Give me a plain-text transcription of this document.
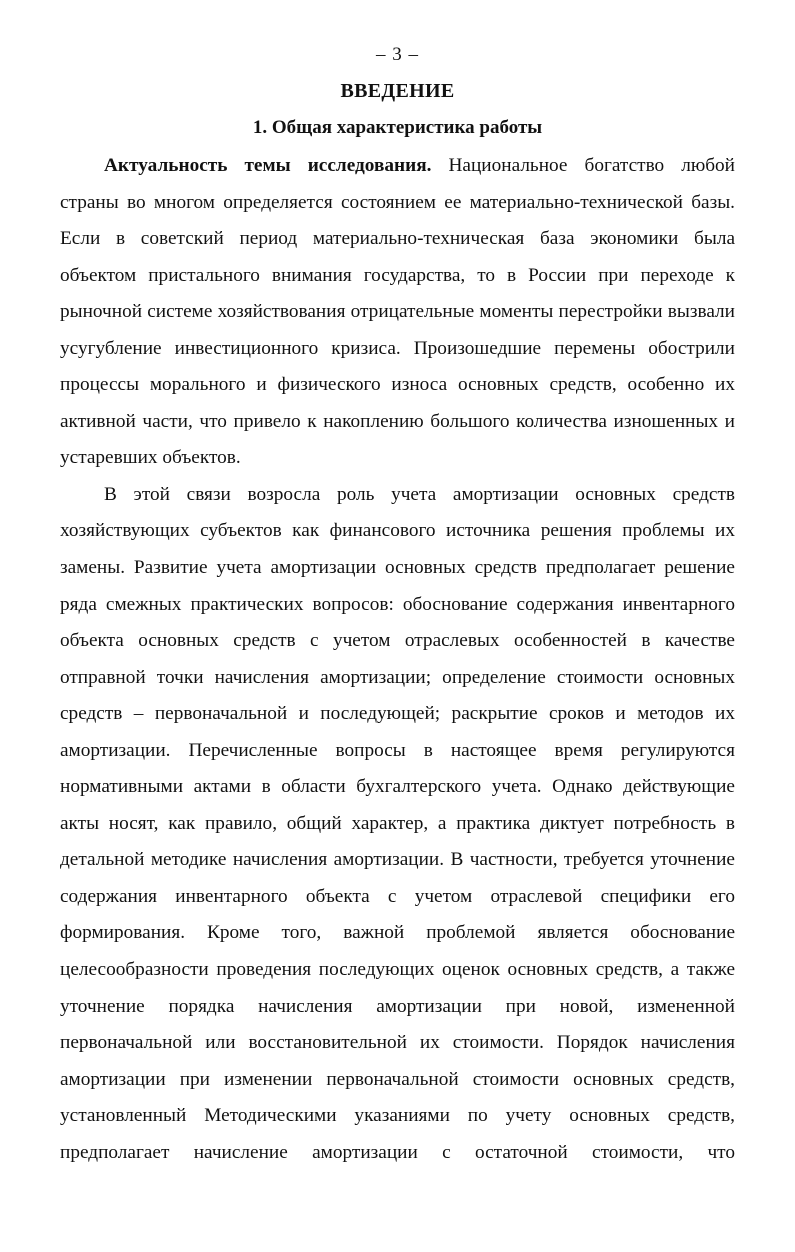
– 3 –
ВВЕДЕНИЕ
1. Общая характеристика работы

Актуальность темы исследования. Национальное богатство любой страны во многом определяется состоянием ее материально-технической базы. Если в советский период материально-техническая база экономики была объектом пристального внимания государства, то в России при переходе к рыночной системе хозяйствования отрицательные моменты перестройки вызвали усугубление инвестиционного кризиса. Произошедшие перемены обострили процессы морального и физического износа основных средств, особенно их активной части, что привело к накоплению большого количества изношенных и устаревших объектов.

В этой связи возросла роль учета амортизации основных средств хозяйствующих субъектов как финансового источника решения проблемы их замены. Развитие учета амортизации основных средств предполагает решение ряда смежных практических вопросов: обоснование содержания инвентарного объекта основных средств с учетом отраслевых особенностей в качестве отправной точки начисления амортизации; определение стоимости основных средств – первоначальной и последующей; раскрытие сроков и методов их амортизации. Перечисленные вопросы в настоящее время регулируются нормативными актами в области бухгалтерского учета. Однако действующие акты носят, как правило, общий характер, а практика диктует потребность в детальной методике начисления амортизации. В частности, требуется уточнение содержания инвентарного объекта с учетом отраслевой специфики его формирования. Кроме того, важной проблемой является обоснование целесообразности проведения последующих оценок основных средств, а также уточнение порядка начисления амортизации при новой, измененной первоначальной или восстановительной их стоимости. Порядок начисления амортизации при изменении первоначальной стоимости основных средств, установленный Методическими указаниями по учету основных средств, предполагает начисление амортизации с остаточной стоимости, что
